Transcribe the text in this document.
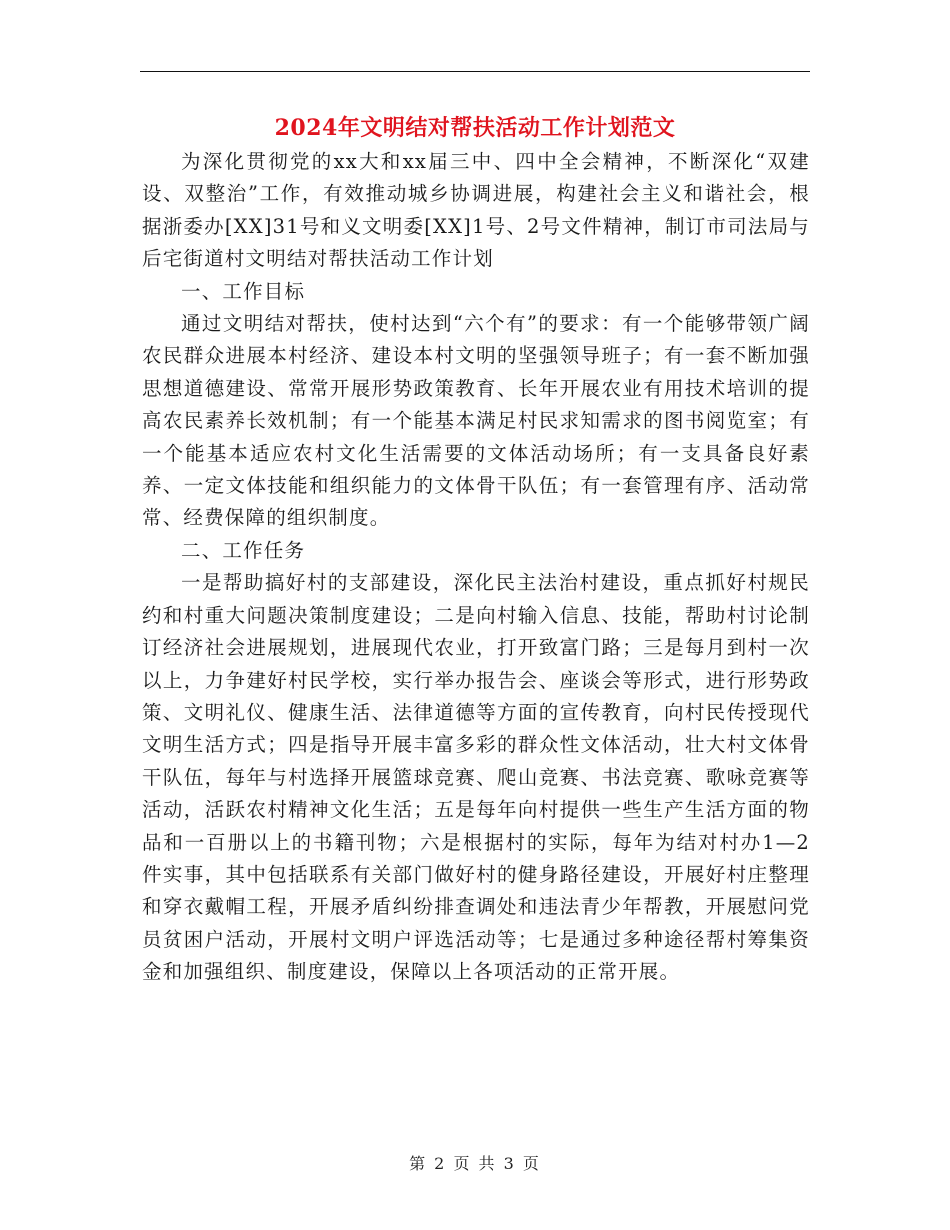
2024年文明结对帮扶活动工作计划范文

为深化贯彻党的xx大和xx届三中、四中全会精神，不断深化“双建设、双整治”工作，有效推动城乡协调进展，构建社会主义和谐社会，根据浙委办[XX]31号和义文明委[XX]1号、2号文件精神，制订市司法局与后宅街道村文明结对帮扶活动工作计划

一、工作目标

通过文明结对帮扶，使村达到“六个有”的要求：有一个能够带领广阔农民群众进展本村经济、建设本村文明的坚强领导班子；有一套不断加强思想道德建设、常常开展形势政策教育、长年开展农业有用技术培训的提高农民素养长效机制；有一个能基本满足村民求知需求的图书阅览室；有一个能基本适应农村文化生活需要的文体活动场所；有一支具备良好素养、一定文体技能和组织能力的文体骨干队伍；有一套管理有序、活动常常、经费保障的组织制度。

二、工作任务

一是帮助搞好村的支部建设，深化民主法治村建设，重点抓好村规民约和村重大问题决策制度建设；二是向村输入信息、技能，帮助村讨论制订经济社会进展规划，进展现代农业，打开致富门路；三是每月到村一次以上，力争建好村民学校，实行举办报告会、座谈会等形式，进行形势政策、文明礼仪、健康生活、法律道德等方面的宣传教育，向村民传授现代文明生活方式；四是指导开展丰富多彩的群众性文体活动，壮大村文体骨干队伍，每年与村选择开展篮球竞赛、爬山竞赛、书法竞赛、歌咏竞赛等活动，活跃农村精神文化生活；五是每年向村提供一些生产生活方面的物品和一百册以上的书籍刊物；六是根据村的实际，每年为结对村办1—2件实事，其中包括联系有关部门做好村的健身路径建设，开展好村庄整理和穿衣戴帽工程，开展矛盾纠纷排查调处和违法青少年帮教，开展慰问党员贫困户活动，开展村文明户评选活动等；七是通过多种途径帮村筹集资金和加强组织、制度建设，保障以上各项活动的正常开展。

第 2 页 共 3 页
